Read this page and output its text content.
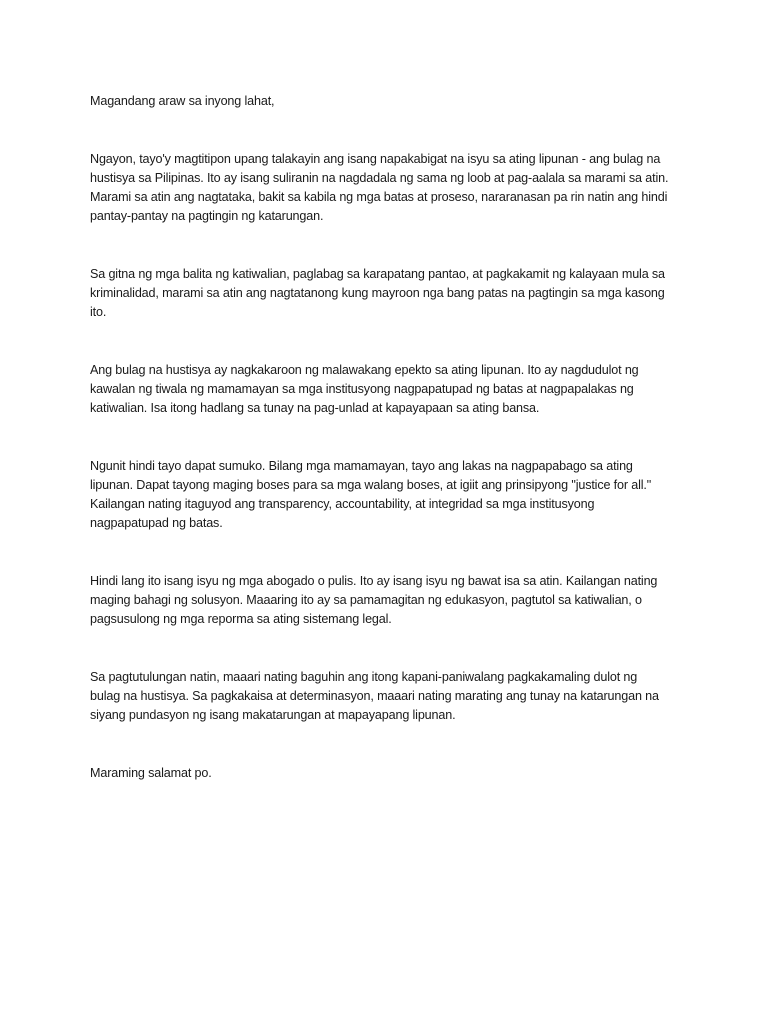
Magandang araw sa inyong lahat,

Ngayon, tayo'y magtitipon upang talakayin ang isang napakabigat na isyu sa ating lipunan - ang bulag na

hustisya sa Pilipinas. Ito ay isang suliranin na nagdadala ng sama ng loob at pag-aalala sa marami sa atin.

Marami sa atin ang nagtataka, bakit sa kabila ng mga batas at proseso, nararanasan pa rin natin ang hindi

pantay-pantay na pagtingin ng katarungan.

Sa gitna ng mga balita ng katiwalian, paglabag sa karapatang pantao, at pagkakamit ng kalayaan mula sa

kriminalidad, marami sa atin ang nagtatanong kung mayroon nga bang patas na pagtingin sa mga kasong

ito.

Ang bulag na hustisya ay nagkakaroon ng malawakang epekto sa ating lipunan. Ito ay nagdudulot ng

kawalan ng tiwala ng mamamayan sa mga institusyong nagpapatupad ng batas at nagpapalakas ng

katiwalian. Isa itong hadlang sa tunay na pag-unlad at kapayapaan sa ating bansa.

Ngunit hindi tayo dapat sumuko. Bilang mga mamamayan, tayo ang lakas na nagpapabago sa ating

lipunan. Dapat tayong maging boses para sa mga walang boses, at igiit ang prinsipyong "justice for all."

Kailangan nating itaguyod ang transparency, accountability, at integridad sa mga institusyong

nagpapatupad ng batas.

Hindi lang ito isang isyu ng mga abogado o pulis. Ito ay isang isyu ng bawat isa sa atin. Kailangan nating

maging bahagi ng solusyon. Maaaring ito ay sa pamamagitan ng edukasyon, pagtutol sa katiwalian, o

pagsusulong ng mga reporma sa ating sistemang legal.

Sa pagtutulungan natin, maaari nating baguhin ang itong kapani-paniwalang pagkakamaling dulot ng

bulag na hustisya. Sa pagkakaisa at determinasyon, maaari nating marating ang tunay na katarungan na

siyang pundasyon ng isang makatarungan at mapayapang lipunan.

Maraming salamat po.
